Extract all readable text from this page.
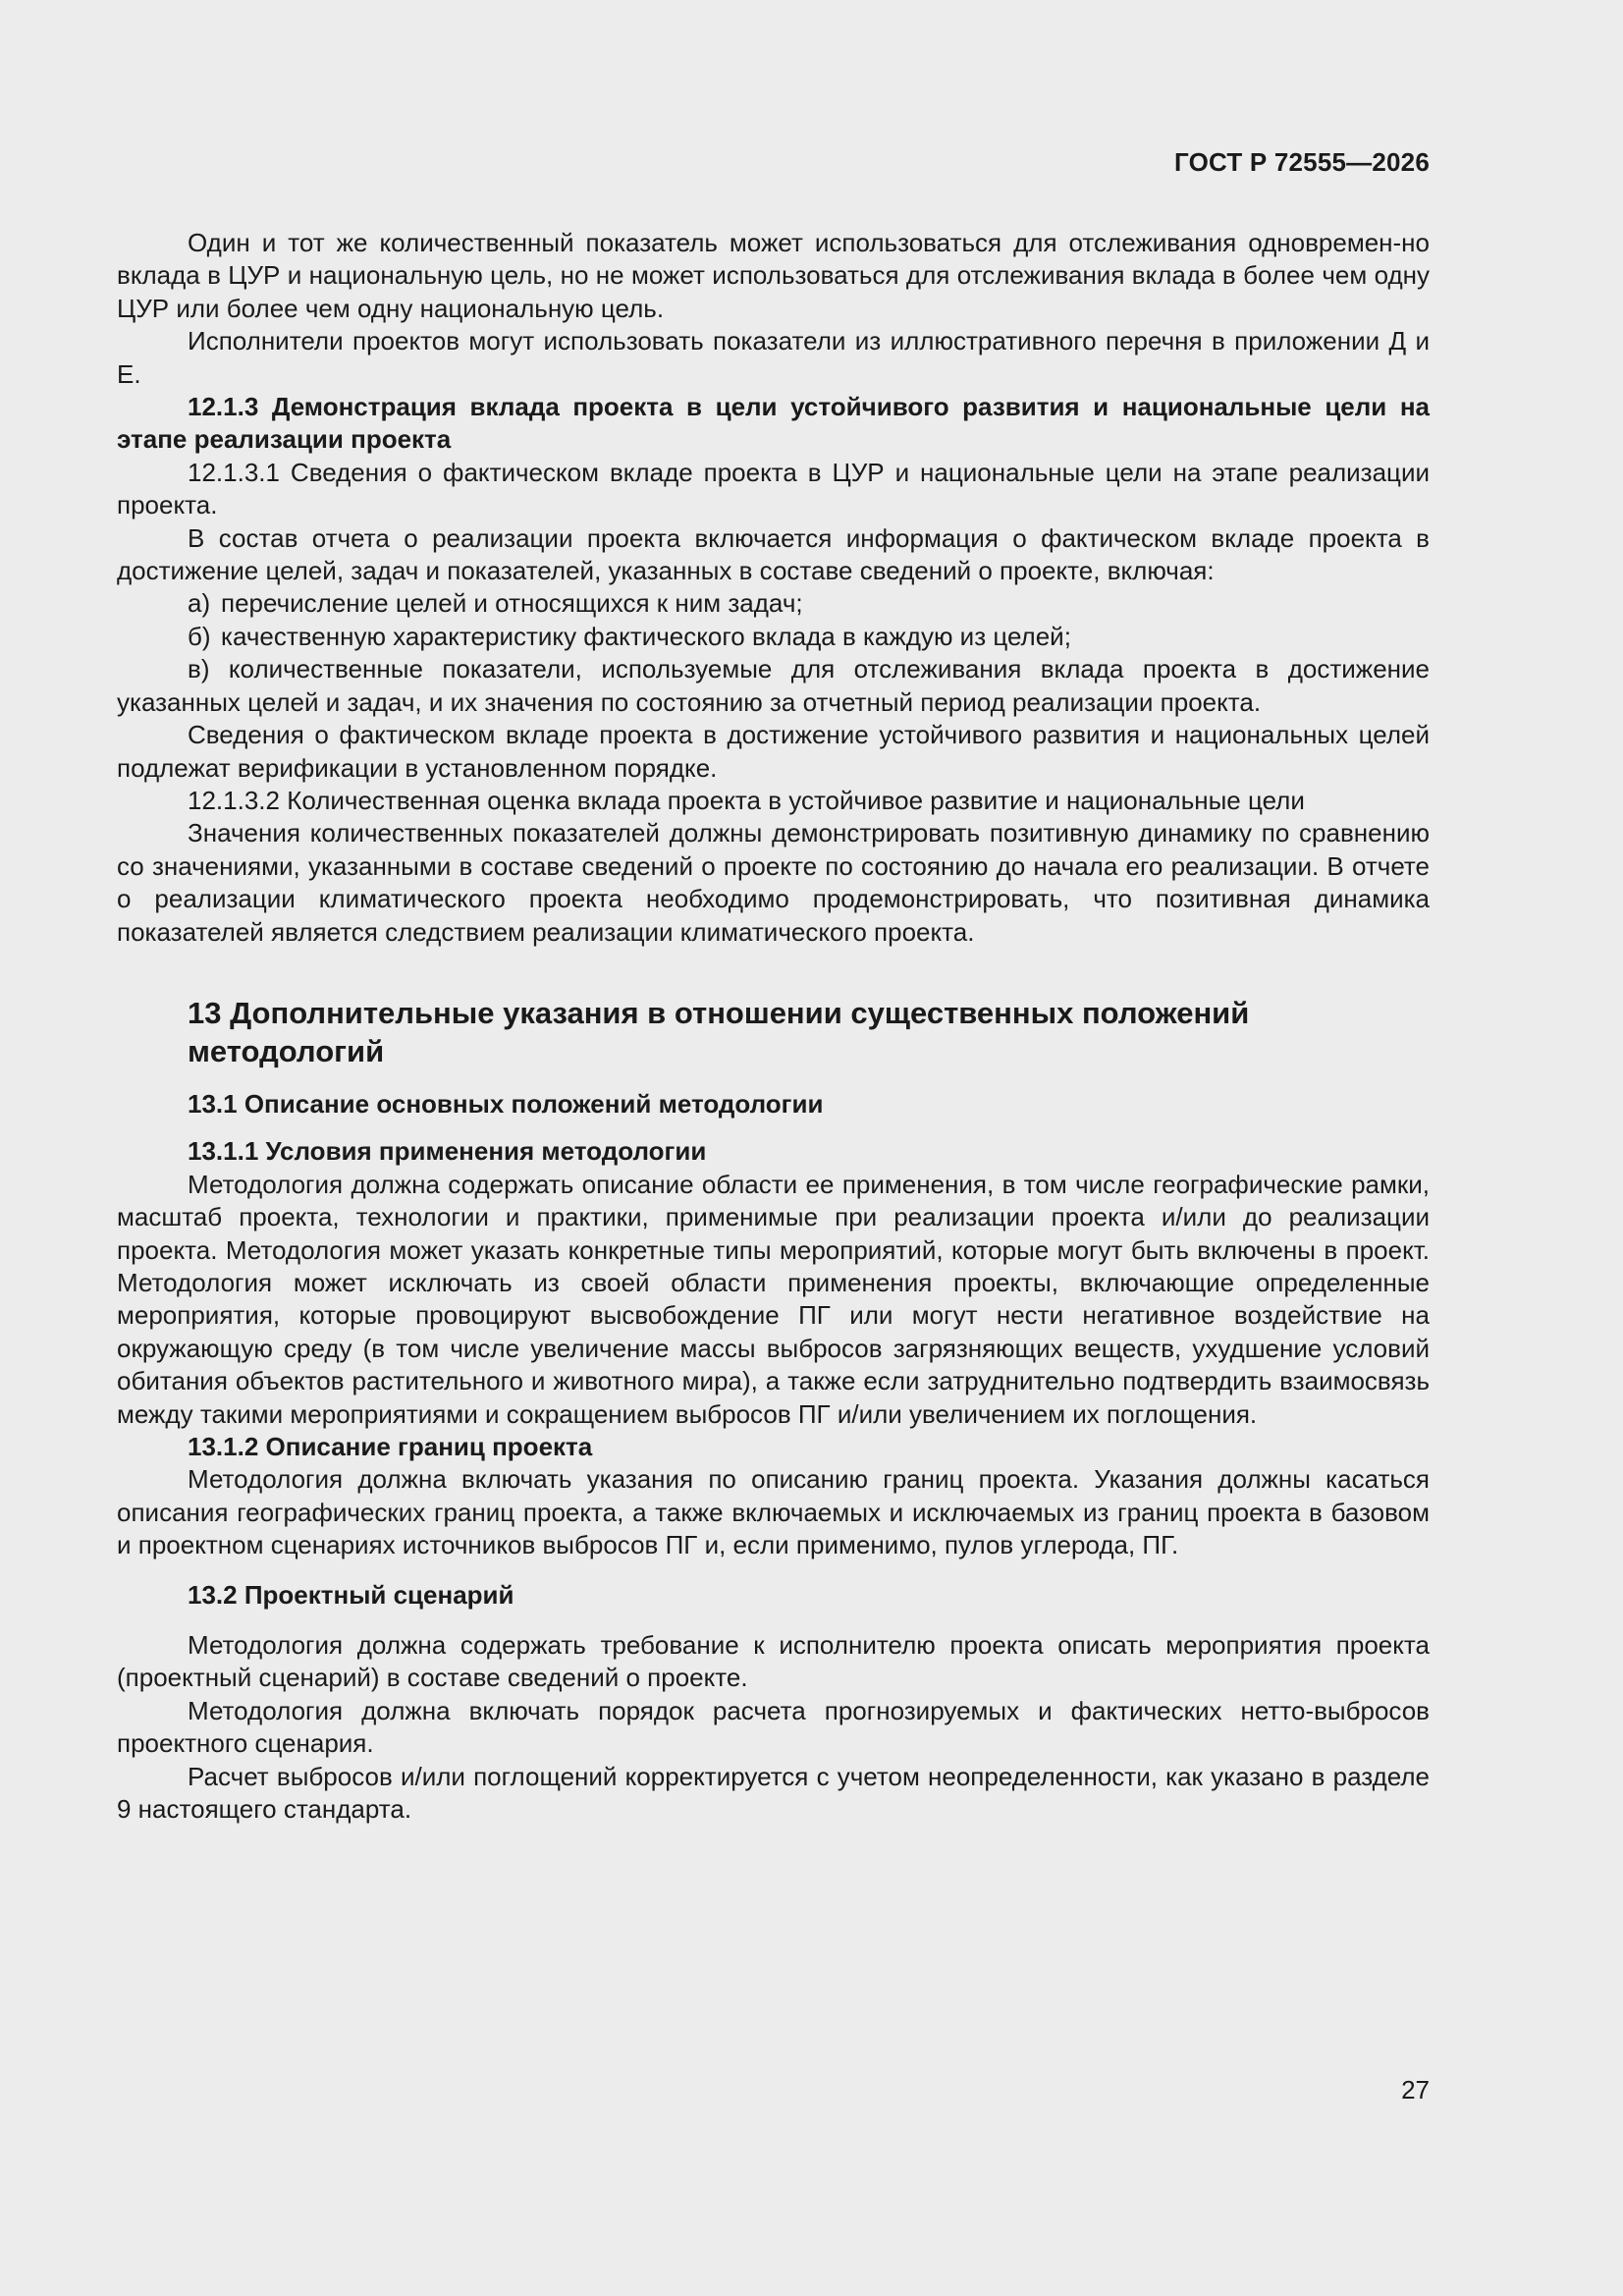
ГОСТ Р 72555—2026

Один и тот же количественный показатель может использоваться для отслеживания одновремен-но вклада в ЦУР и национальную цель, но не может использоваться для отслеживания вклада в более чем одну ЦУР или более чем одну национальную цель.

Исполнители проектов могут использовать показатели из иллюстративного перечня в приложении Д и Е.

12.1.3 Демонстрация вклада проекта в цели устойчивого развития и национальные цели на этапе реализации проекта

12.1.3.1 Сведения о фактическом вкладе проекта в ЦУР и национальные цели на этапе реализации проекта.

В состав отчета о реализации проекта включается информация о фактическом вкладе проекта в достижение целей, задач и показателей, указанных в составе сведений о проекте, включая:

а) перечисление целей и относящихся к ним задач;

б) качественную характеристику фактического вклада в каждую из целей;

в) количественные показатели, используемые для отслеживания вклада проекта в достижение указанных целей и задач, и их значения по состоянию за отчетный период реализации проекта.

Сведения о фактическом вкладе проекта в достижение устойчивого развития и национальных целей подлежат верификации в установленном порядке.

12.1.3.2 Количественная оценка вклада проекта в устойчивое развитие и национальные цели

Значения количественных показателей должны демонстрировать позитивную динамику по сравнению со значениями, указанными в составе сведений о проекте по состоянию до начала его реализации. В отчете о реализации климатического проекта необходимо продемонстрировать, что позитивная динамика показателей является следствием реализации климатического проекта.

13 Дополнительные указания в отношении существенных положений методологий
13.1 Описание основных положений методологии
13.1.1 Условия применения методологии

Методология должна содержать описание области ее применения, в том числе географические рамки, масштаб проекта, технологии и практики, применимые при реализации проекта и/или до реализации проекта. Методология может указать конкретные типы мероприятий, которые могут быть включены в проект. Методология может исключать из своей области применения проекты, включающие определенные мероприятия, которые провоцируют высвобождение ПГ или могут нести негативное воздействие на окружающую среду (в том числе увеличение массы выбросов загрязняющих веществ, ухудшение условий обитания объектов растительного и животного мира), а также если затруднительно подтвердить взаимосвязь между такими мероприятиями и сокращением выбросов ПГ и/или увеличением их поглощения.

13.1.2 Описание границ проекта

Методология должна включать указания по описанию границ проекта. Указания должны касаться описания географических границ проекта, а также включаемых и исключаемых из границ проекта в базовом и проектном сценариях источников выбросов ПГ и, если применимо, пулов углерода, ПГ.

13.2 Проектный сценарий

Методология должна содержать требование к исполнителю проекта описать мероприятия проекта (проектный сценарий) в составе сведений о проекте.

Методология должна включать порядок расчета прогнозируемых и фактических нетто-выбросов проектного сценария.

Расчет выбросов и/или поглощений корректируется с учетом неопределенности, как указано в разделе 9 настоящего стандарта.

27
